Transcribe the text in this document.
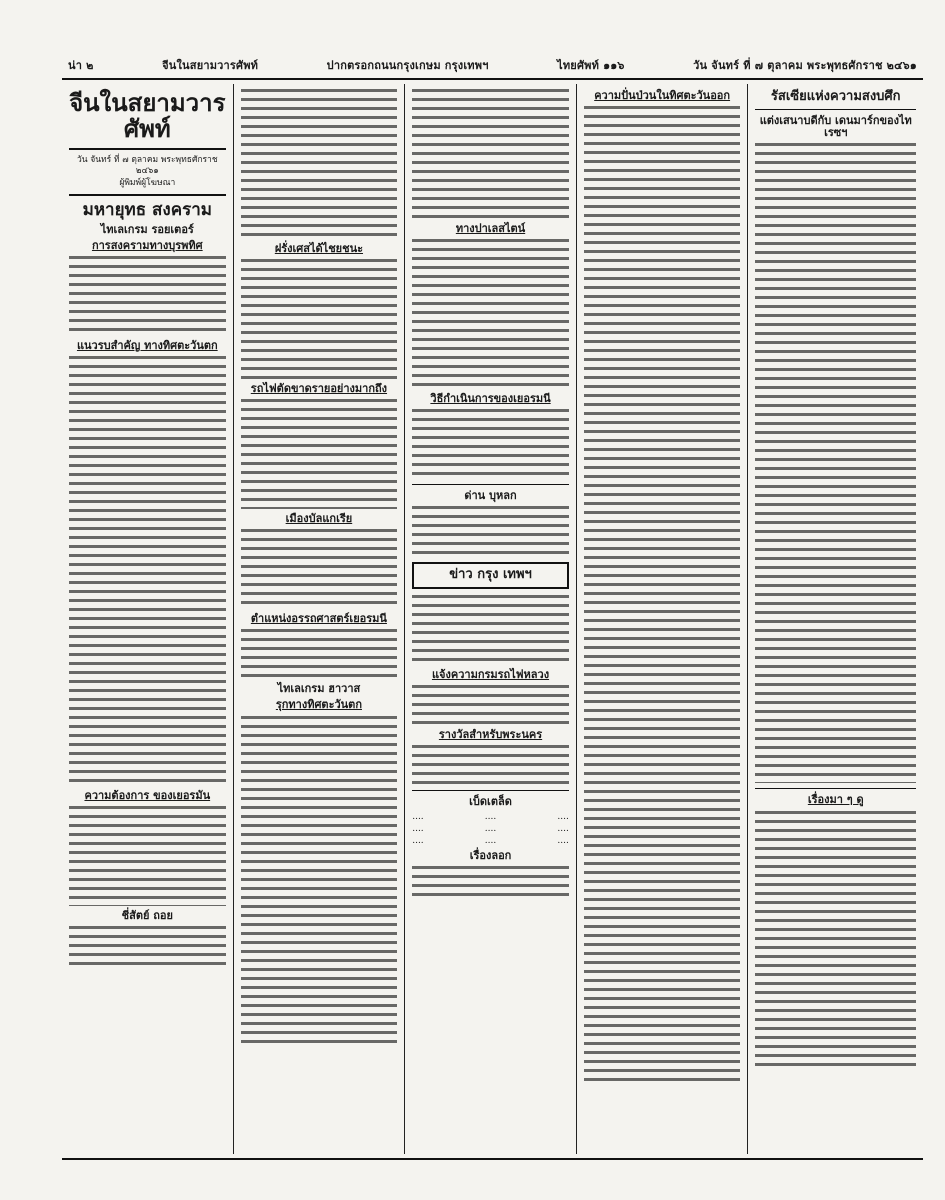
น่า ๒	จีนในสยามวารศัพท์	ปากตรอกถนนกรุงเกษม กรุงเทพฯ	ไทยศัพท์ ๑๑๖	วัน จันทร์ ที่ ๗ ตุลาคม พระพุทธศักราช ๒๔๖๑
จีนในสยามวารศัพท์
วัน จันทร์ ที่ ๗ ตุลาคม พระพุทธศักราช ๒๔๖๑
ผู้พิมพ์ผู้โฆษณา
มหายุทธ สงคราม
ไทเลเกรม รอยเตอร์
การสงครามทางบุรพทิศ
แนวรบสำคัญ ทางทิศตะวันตก
ความต้องการ ของเยอรมัน
ชี่สัตย์ ถอย
ฝรั่งเศสได้ไชยชนะ
รถไฟตัดขาดรายอย่างมากถึง
เมืองบัลแกเรีย
ตำแหน่งอรรถศาสตร์เยอรมนี
ไทเลเกรม ฮาวาส
รุกทางทิศตะวันตก
ทางปาเลสไตน์
วิธีกำเนินการของเยอรมนี
ด่าน บุหลก
ข่าว กรุง เทพฯ
แจ้งความกรมรถไฟหลวง
รางวัลสำหรับพระนคร
เบ็ดเตล็ด
....	....	....
....	....	....
....	....	....
เรื่องลอก
ความปั่นป่วนในทิศตะวันออก	รัสเซียแห่งความสงบศึก
แต่งเสนาบดีกับ เดนมาร์กของไทเรซฯ
เรื่องมา ๆ ดู
